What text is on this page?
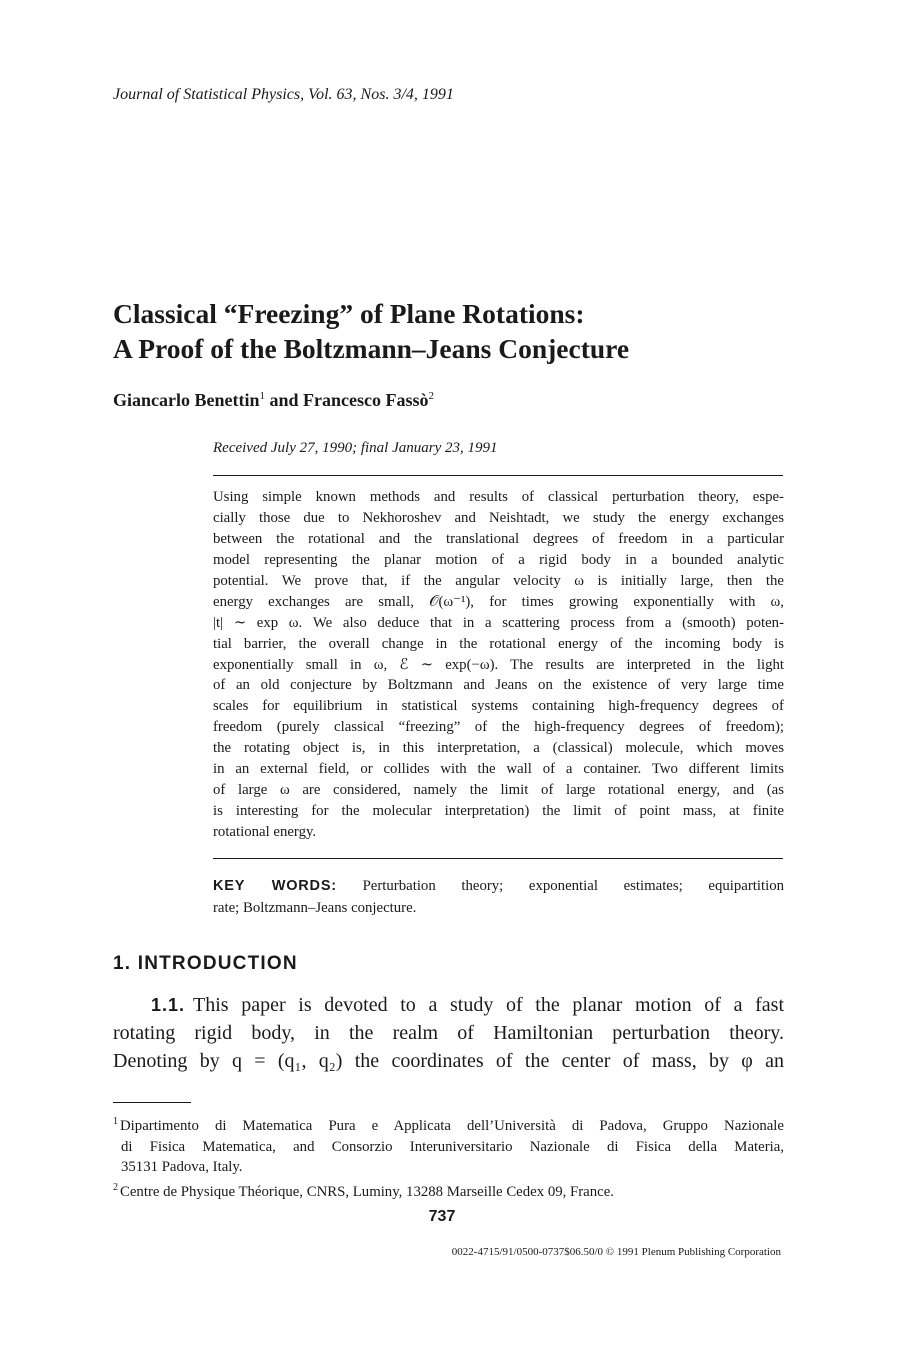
Journal of Statistical Physics, Vol. 63, Nos. 3/4, 1991
Classical “Freezing” of Plane Rotations:
A Proof of the Boltzmann–Jeans Conjecture
Giancarlo Benettin$^1$ and Francesco Fassò$^2$
Received July 27, 1990; final January 23, 1991
Using simple known methods and results of classical perturbation theory, espe-
cially those due to Nekhoroshev and Neishtadt, we study the energy exchanges
between the rotational and the translational degrees of freedom in a particular
model representing the planar motion of a rigid body in a bounded analytic
potential. We prove that, if the angular velocity ω is initially large, then the
energy exchanges are small, 𝒪(ω⁻¹), for times growing exponentially with ω,
|t| ∼ exp ω. We also deduce that in a scattering process from a (smooth) poten-
tial barrier, the overall change in the rotational energy of the incoming body is
exponentially small in ω, ℰ ∼ exp(−ω). The results are interpreted in the light
of an old conjecture by Boltzmann and Jeans on the existence of very large time
scales for equilibrium in statistical systems containing high-frequency degrees of
freedom (purely classical “freezing” of the high-frequency degrees of freedom);
the rotating object is, in this interpretation, a (classical) molecule, which moves
in an external field, or collides with the wall of a container. Two different limits
of large ω are considered, namely the limit of large rotational energy, and (as
is interesting for the molecular interpretation) the limit of point mass, at finite
rotational energy.
KEY WORDS: Perturbation theory; exponential estimates; equipartition
rate; Boltzmann–Jeans conjecture.
1. INTRODUCTION
1.1. This paper is devoted to a study of the planar motion of a fast
rotating rigid body, in the realm of Hamiltonian perturbation theory.
Denoting by q = (q₁, q₂) the coordinates of the center of mass, by φ an
$^1$ Dipartimento di Matematica Pura e Applicata dell’Università di Padova, Gruppo Nazionale
di Fisica Matematica, and Consorzio Interuniversitario Nazionale di Fisica della Materia,
35131 Padova, Italy.
$^2$ Centre de Physique Théorique, CNRS, Luminy, 13288 Marseille Cedex 09, France.
737
0022-4715/91/0500-0737$06.50/0 © 1991 Plenum Publishing Corporation
